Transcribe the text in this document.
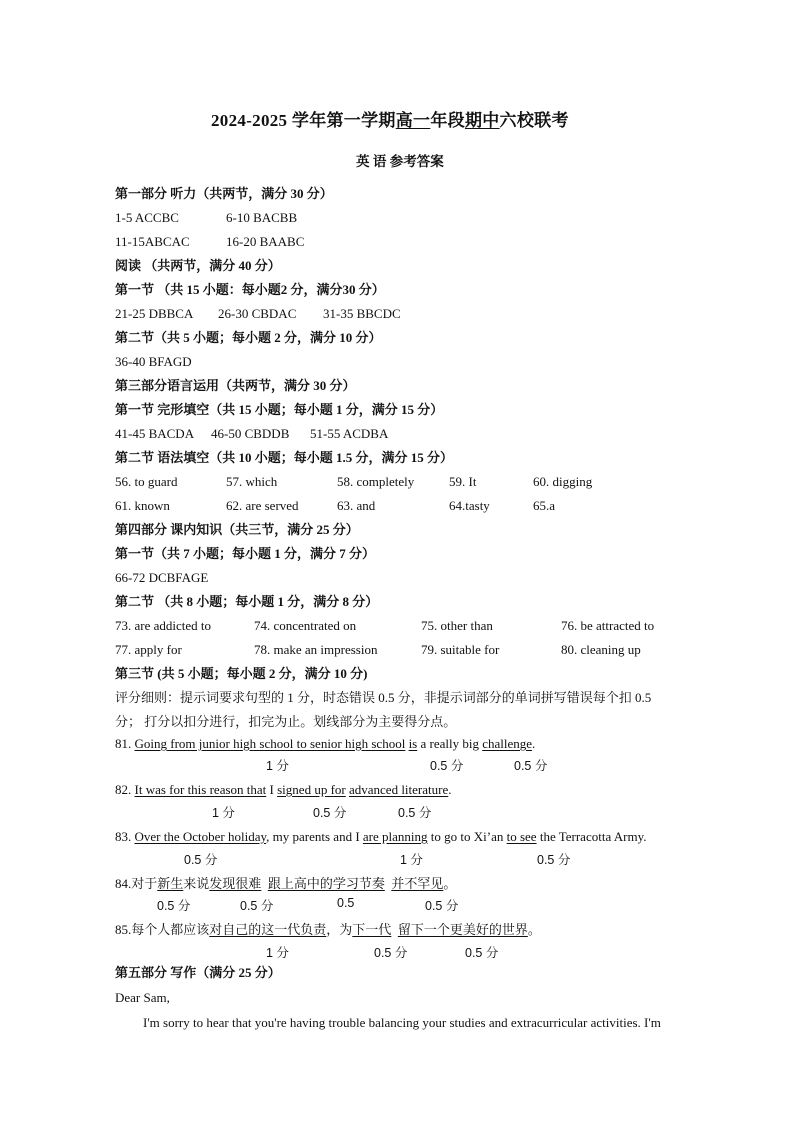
2024-2025 学年第一学期高一年段期中六校联考
英 语 参考答案
第一部分 听力（共两节，满分 30 分）
1-5 ACCBC	6-10 BACBB
11-15ABCAC	16-20 BAABC
阅读 （共两节，满分 40 分）
第一节 （共 15 小题：每小题2 分，满分30 分）
21-25 DBBCA 26-30 CBDAC 31-35 BBCDC
第二节（共 5 小题；每小题 2 分，满分 10 分）
36-40 BFAGD
第三部分语言运用（共两节，满分 30 分）
第一节 完形填空（共 15 小题；每小题 1 分，满分 15 分）
41-45 BACDA 46-50 CBDDB 51-55 ACDBA
第二节 语法填空（共 10 小题；每小题 1.5 分，满分 15 分）
56. to guard	57. which	58. completely	59. It	60. digging
61. known	62. are served	63. and	64.tasty	65.a
第四部分 课内知识（共三节，满分 25 分）
第一节（共 7 小题；每小题 1 分，满分 7 分）
66-72 DCBFAGE
第二节 （共 8 小题；每小题 1 分，满分 8 分）
73. are addicted to	74. concentrated on	75. other than	76. be attracted to
77. apply for	78. make an impression	79. suitable for	80. cleaning up
第三节 (共 5 小题；每小题 2 分，满分 10 分)
评分细则：提示词要求句型的 1 分，时态错误 0.5 分，非提示词部分的单词拼写错误每个扣 0.5
分； 打分以扣分进行，扣完为止。划线部分为主要得分点。
81. Going from junior high school to senior high school is a really big challenge.
1 分	0.5 分	0.5 分
82. It was for this reason that I signed up for advanced literature.
1 分	0.5 分	0.5 分
83. Over the October holiday, my parents and I are planning to go to Xi’an to see the Terracotta Army.
0.5 分	1 分	0.5 分
84.对于新生来说发现很难 跟上高中的学习节奏 并不罕见。
0.5 分	0.5 分	0.5	0.5 分
85.每个人都应该对自己的这一代负责，为下一代 留下一个更美好的世界。
1 分	0.5 分	0.5 分
第五部分 写作（满分 25 分）
Dear Sam,
I'm sorry to hear that you're having trouble balancing your studies and extracurricular activities. I'm
